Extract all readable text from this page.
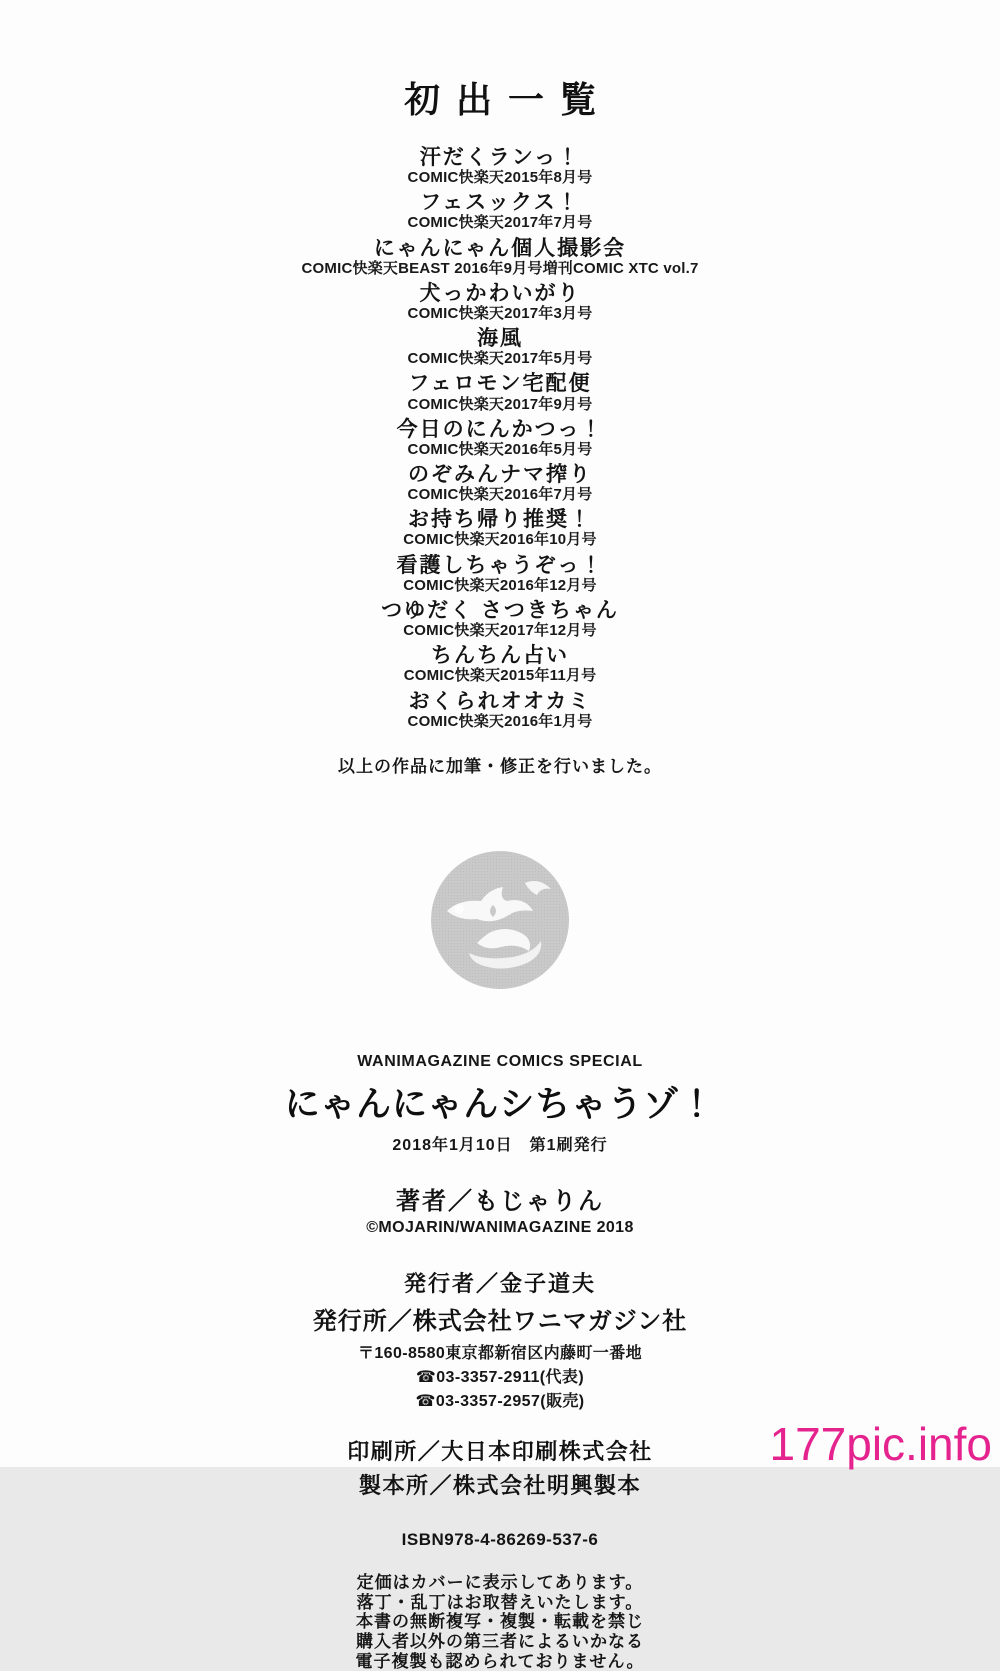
初出一覧
汗だくランっ！
COMIC快楽天2015年8月号
フェスックス！
COMIC快楽天2017年7月号
にゃんにゃん個人撮影会
COMIC快楽天BEAST 2016年9月号増刊COMIC XTC vol.7
犬っかわいがり
COMIC快楽天2017年3月号
海風
COMIC快楽天2017年5月号
フェロモン宅配便
COMIC快楽天2017年9月号
今日のにんかつっ！
COMIC快楽天2016年5月号
のぞみんナマ搾り
COMIC快楽天2016年7月号
お持ち帰り推奨！
COMIC快楽天2016年10月号
看護しちゃうぞっ！
COMIC快楽天2016年12月号
つゆだく さつきちゃん
COMIC快楽天2017年12月号
ちんちん占い
COMIC快楽天2015年11月号
おくられオオカミ
COMIC快楽天2016年1月号

以上の作品に加筆・修正を行いました。

WANIMAGAZINE COMICS SPECIAL
にゃんにゃんシちゃうゾ！
2018年1月10日　第1刷発行
著者／もじゃりん
©MOJARIN/WANIMAGAZINE 2018
発行者／金子道夫
発行所／株式会社ワニマガジン社
〒160-8580東京都新宿区内藤町一番地
☎03-3357-2911(代表)
☎03-3357-2957(販売)
印刷所／大日本印刷株式会社
製本所／株式会社明興製本
ISBN978-4-86269-537-6
定価はカバーに表示してあります。
落丁・乱丁はお取替えいたします。
本書の無断複写・複製・転載を禁じ
購入者以外の第三者によるいかなる
電子複製も認められておりません。
177pic.info
